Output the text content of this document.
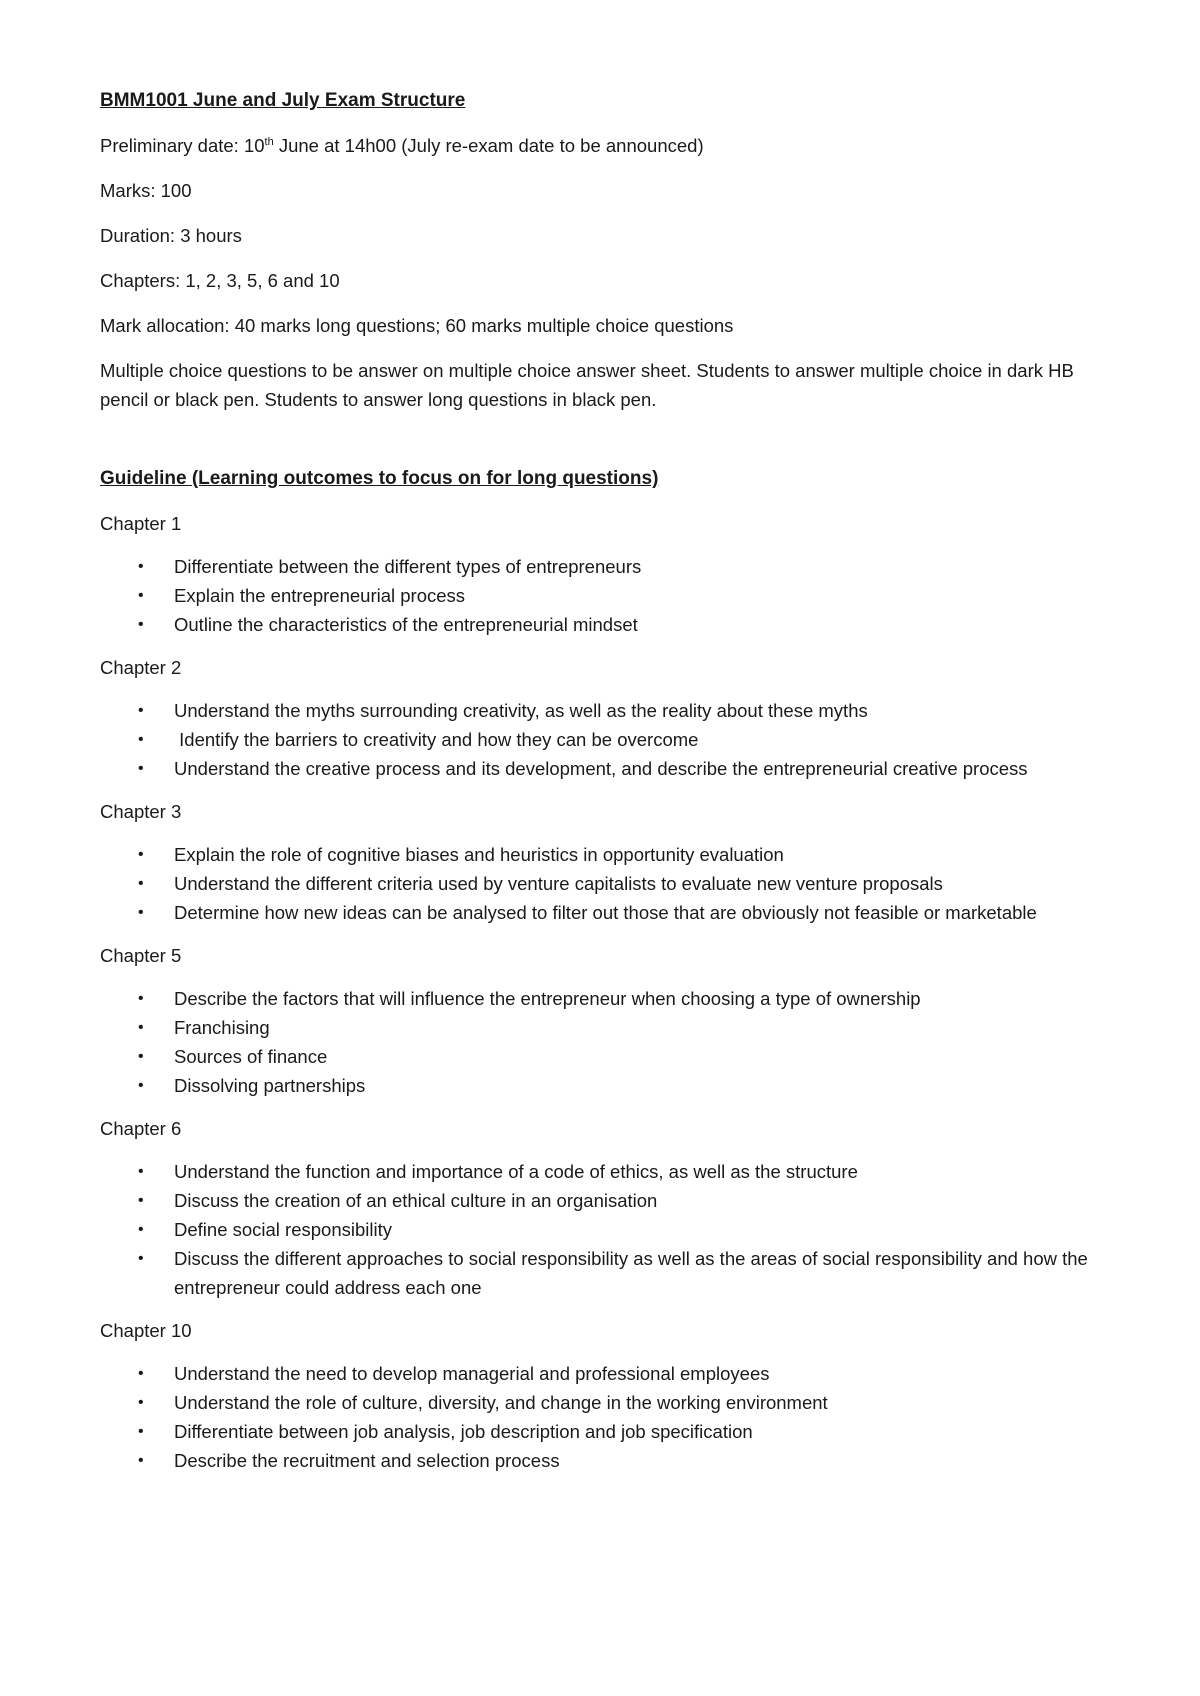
BMM1001 June and July Exam Structure
Preliminary date: 10th June at 14h00 (July re-exam date to be announced)
Marks: 100
Duration: 3 hours
Chapters: 1, 2, 3, 5, 6 and 10
Mark allocation: 40 marks long questions; 60 marks multiple choice questions
Multiple choice questions to be answer on multiple choice answer sheet. Students to answer multiple choice in dark HB pencil or black pen. Students to answer long questions in black pen.
Guideline (Learning outcomes to focus on for long questions)
Chapter 1
• Differentiate between the different types of entrepreneurs
• Explain the entrepreneurial process
• Outline the characteristics of the entrepreneurial mindset
Chapter 2
• Understand the myths surrounding creativity, as well as the reality about these myths
• Identify the barriers to creativity and how they can be overcome
• Understand the creative process and its development, and describe the entrepreneurial creative process
Chapter 3
• Explain the role of cognitive biases and heuristics in opportunity evaluation
• Understand the different criteria used by venture capitalists to evaluate new venture proposals
• Determine how new ideas can be analysed to filter out those that are obviously not feasible or marketable
Chapter 5
• Describe the factors that will influence the entrepreneur when choosing a type of ownership
• Franchising
• Sources of finance
• Dissolving partnerships
Chapter 6
• Understand the function and importance of a code of ethics, as well as the structure
• Discuss the creation of an ethical culture in an organisation
• Define social responsibility
• Discuss the different approaches to social responsibility as well as the areas of social responsibility and how the entrepreneur could address each one
Chapter 10
• Understand the need to develop managerial and professional employees
• Understand the role of culture, diversity, and change in the working environment
• Differentiate between job analysis, job description and job specification
• Describe the recruitment and selection process
